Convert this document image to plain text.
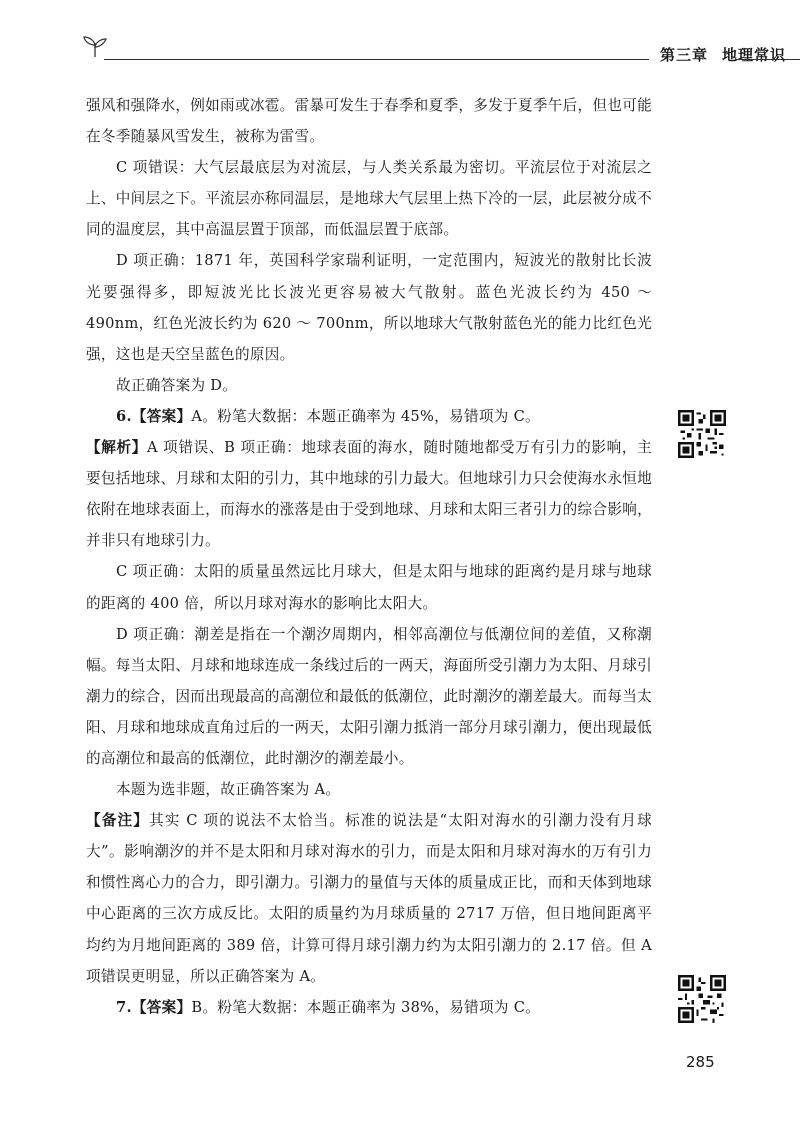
第三章 地理常识

强风和强降水，例如雨或冰雹。雷暴可发生于春季和夏季，多发于夏季午后，但也可能在冬季随暴风雪发生，被称为雷雪。

C 项错误：大气层最底层为对流层，与人类关系最为密切。平流层位于对流层之上、中间层之下。平流层亦称同温层，是地球大气层里上热下冷的一层，此层被分成不同的温度层，其中高温层置于顶部，而低温层置于底部。

D 项正确：1871 年，英国科学家瑞利证明，一定范围内，短波光的散射比长波光要强得多，即短波光比长波光更容易被大气散射。蓝色光波长约为 450 ～ 490nm，红色光波长约为 620 ～ 700nm，所以地球大气散射蓝色光的能力比红色光强，这也是天空呈蓝色的原因。

故正确答案为 D。

6.【答案】A。粉笔大数据：本题正确率为 45%，易错项为 C。

【解析】A 项错误、B 项正确：地球表面的海水，随时随地都受万有引力的影响，主要包括地球、月球和太阳的引力，其中地球的引力最大。但地球引力只会使海水永恒地依附在地球表面上，而海水的涨落是由于受到地球、月球和太阳三者引力的综合影响，并非只有地球引力。

C 项正确：太阳的质量虽然远比月球大，但是太阳与地球的距离约是月球与地球的距离的 400 倍，所以月球对海水的影响比太阳大。

D 项正确：潮差是指在一个潮汐周期内，相邻高潮位与低潮位间的差值，又称潮幅。每当太阳、月球和地球连成一条线过后的一两天，海面所受引潮力为太阳、月球引潮力的综合，因而出现最高的高潮位和最低的低潮位，此时潮汐的潮差最大。而每当太阳、月球和地球成直角过后的一两天，太阳引潮力抵消一部分月球引潮力，便出现最低的高潮位和最高的低潮位，此时潮汐的潮差最小。

本题为选非题，故正确答案为 A。

【备注】其实 C 项的说法不太恰当。标准的说法是“太阳对海水的引潮力没有月球大”。影响潮汐的并不是太阳和月球对海水的引力，而是太阳和月球对海水的万有引力和惯性离心力的合力，即引潮力。引潮力的量值与天体的质量成正比，而和天体到地球中心距离的三次方成反比。太阳的质量约为月球质量的 2717 万倍，但日地间距离平均约为月地间距离的 389 倍，计算可得月球引潮力约为太阳引潮力的 2.17 倍。但 A 项错误更明显，所以正确答案为 A。

7.【答案】B。粉笔大数据：本题正确率为 38%，易错项为 C。

285
